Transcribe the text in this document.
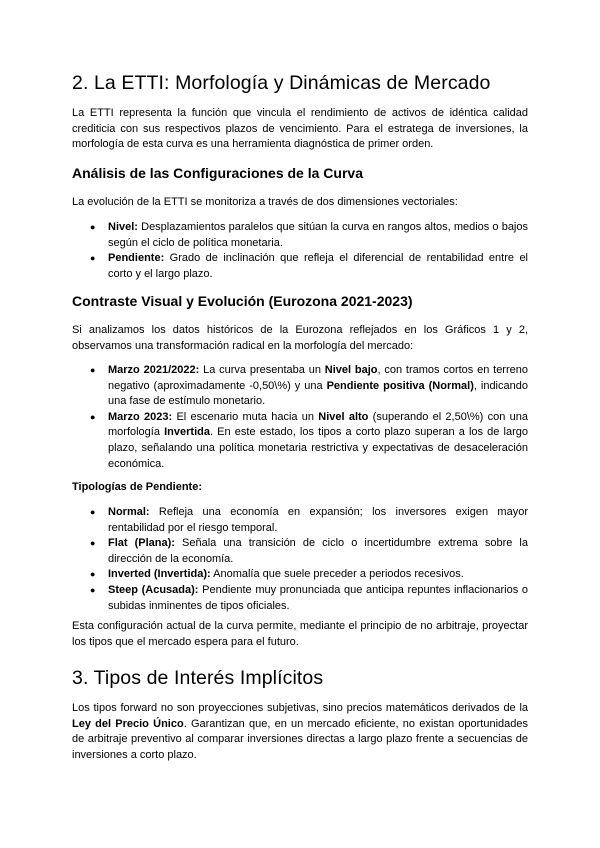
2. La ETTI: Morfología y Dinámicas de Mercado

La ETTI representa la función que vincula el rendimiento de activos de idéntica calidad crediticia con sus respectivos plazos de vencimiento. Para el estratega de inversiones, la morfología de esta curva es una herramienta diagnóstica de primer orden.

Análisis de las Configuraciones de la Curva

La evolución de la ETTI se monitoriza a través de dos dimensiones vectoriales:

● Nivel: Desplazamientos paralelos que sitúan la curva en rangos altos, medios o bajos según el ciclo de política monetaria.
● Pendiente: Grado de inclinación que refleja el diferencial de rentabilidad entre el corto y el largo plazo.
Contraste Visual y Evolución (Eurozona 2021-2023)

Si analizamos los datos históricos de la Eurozona reflejados en los Gráficos 1 y 2, observamos una transformación radical en la morfología del mercado:

● Marzo 2021/2022: La curva presentaba un Nivel bajo, con tramos cortos en terreno negativo (aproximadamente -0,50\%) y una Pendiente positiva (Normal), indicando una fase de estímulo monetario.
● Marzo 2023: El escenario muta hacia un Nivel alto (superando el 2,50\%) con una morfología Invertida. En este estado, los tipos a corto plazo superan a los de largo plazo, señalando una política monetaria restrictiva y expectativas de desaceleración económica.
Tipologías de Pendiente:
● Normal: Refleja una economía en expansión; los inversores exigen mayor rentabilidad por el riesgo temporal.
● Flat (Plana): Señala una transición de ciclo o incertidumbre extrema sobre la dirección de la economía.
● Inverted (Invertida): Anomalía que suele preceder a periodos recesivos.
● Steep (Acusada): Pendiente muy pronunciada que anticipa repuntes inflacionarios o subidas inminentes de tipos oficiales.

Esta configuración actual de la curva permite, mediante el principio de no arbitraje, proyectar los tipos que el mercado espera para el futuro.

3. Tipos de Interés Implícitos

Los tipos forward no son proyecciones subjetivas, sino precios matemáticos derivados de la Ley del Precio Único. Garantizan que, en un mercado eficiente, no existan oportunidades de arbitraje preventivo al comparar inversiones directas a largo plazo frente a secuencias de inversiones a corto plazo.
